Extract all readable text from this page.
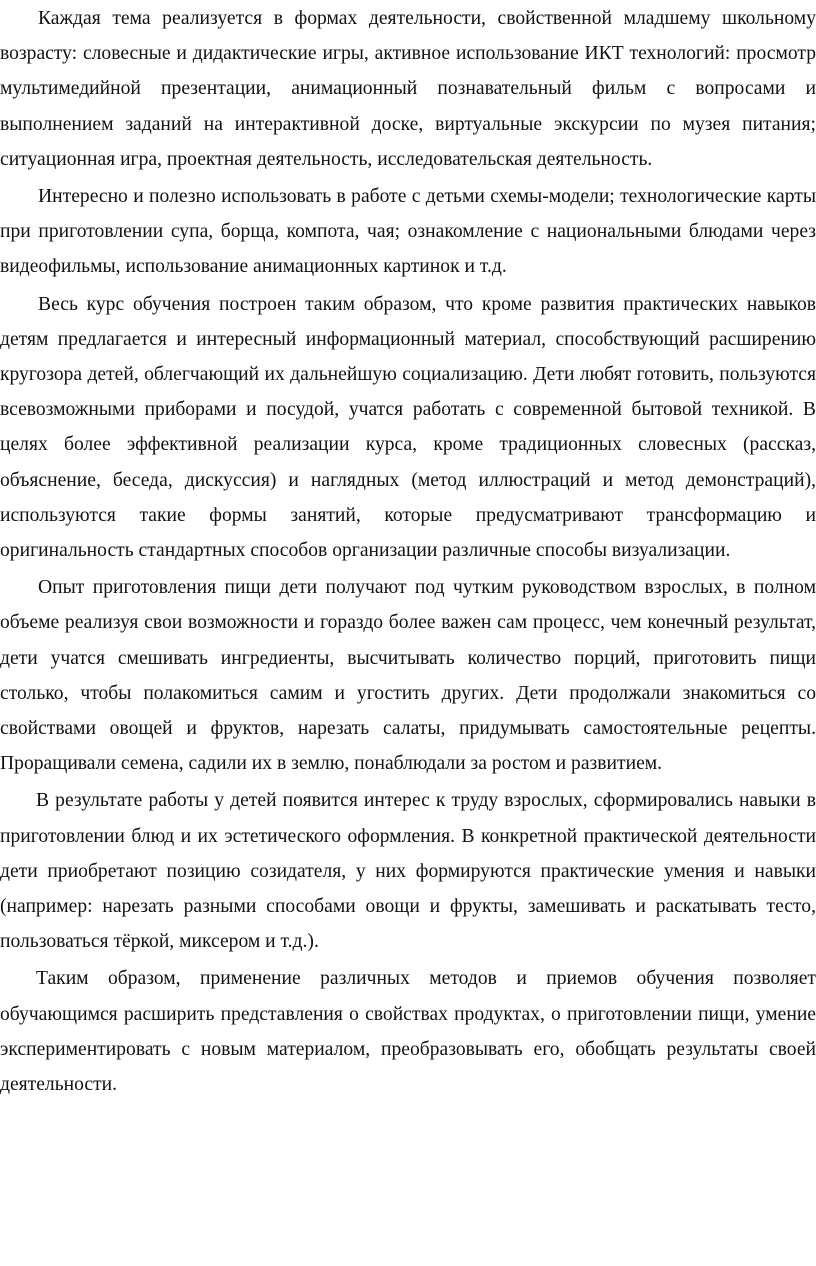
Каждая тема реализуется в формах деятельности, свойственной младшему школьному возрасту: словесные и дидактические игры, активное использование ИКТ технологий: просмотр мультимедийной презентации, анимационный познавательный фильм с вопросами и выполнением заданий на интерактивной доске, виртуальные экскурсии по музея питания; ситуационная игра, проектная деятельность, исследовательская деятельность.

Интересно и полезно использовать в работе с детьми схемы-модели; технологические карты при приготовлении супа, борща, компота, чая; ознакомление с национальными блюдами через видеофильмы, использование анимационных картинок и т.д.

Весь курс обучения построен таким образом, что кроме развития практических навыков детям предлагается и интересный информационный материал, способствующий расширению кругозора детей, облегчающий их дальнейшую социализацию. Дети любят готовить, пользуются всевозможными приборами и посудой, учатся работать с современной бытовой техникой. В целях более эффективной реализации курса, кроме традиционных словесных (рассказ, объяснение, беседа, дискуссия) и наглядных (метод иллюстраций и метод демонстраций), используются такие формы занятий, которые предусматривают трансформацию и оригинальность стандартных способов организации различные способы визуализации.

Опыт приготовления пищи дети получают под чутким руководством взрослых, в полном объеме реализуя свои возможности и гораздо более важен сам процесс, чем конечный результат, дети учатся смешивать ингредиенты, высчитывать количество порций, приготовить пищи столько, чтобы полакомиться самим и угостить других. Дети продолжали знакомиться со свойствами овощей и фруктов, нарезать салаты, придумывать самостоятельные рецепты. Проращивали семена, садили их в землю, понаблюдали за ростом и развитием.

В результате работы у детей появится интерес к труду взрослых, сформировались навыки в приготовлении блюд и их эстетического оформления. В конкретной практической деятельности дети приобретают позицию созидателя, у них формируются практические умения и навыки (например: нарезать разными способами овощи и фрукты, замешивать и раскатывать тесто, пользоваться тёркой, миксером и т.д.).

Таким образом, применение различных методов и приемов обучения позволяет обучающимся расширить представления о свойствах продуктах, о приготовлении пищи, умение экспериментировать с новым материалом, преобразовывать его, обобщать результаты своей деятельности.
